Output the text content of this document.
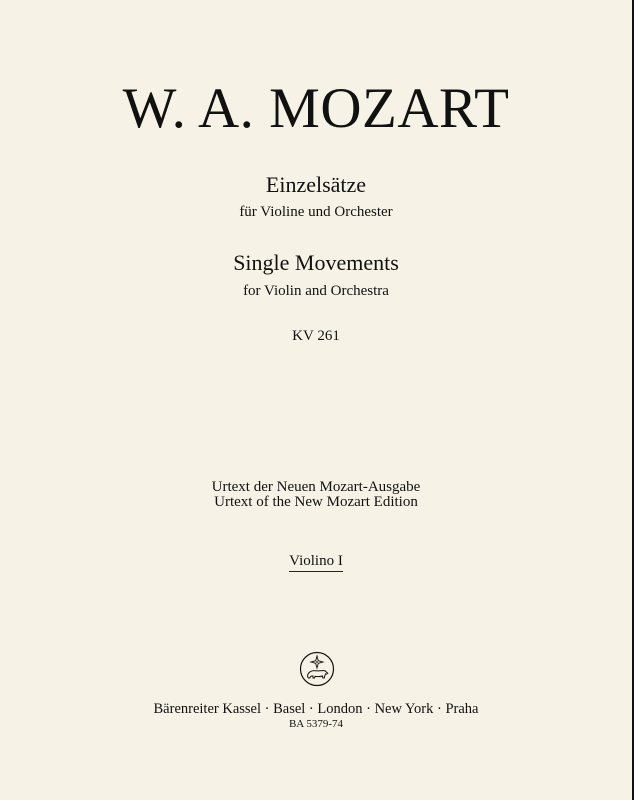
W. A. MOZART
Einzelsätze
für Violine und Orchester
Single Movements
for Violin and Orchestra
KV 261
Urtext der Neuen Mozart-Ausgabe
Urtext of the New Mozart Edition
Violino I
Bärenreiter Kassel · Basel · London · New York · Praha
BA 5379-74
